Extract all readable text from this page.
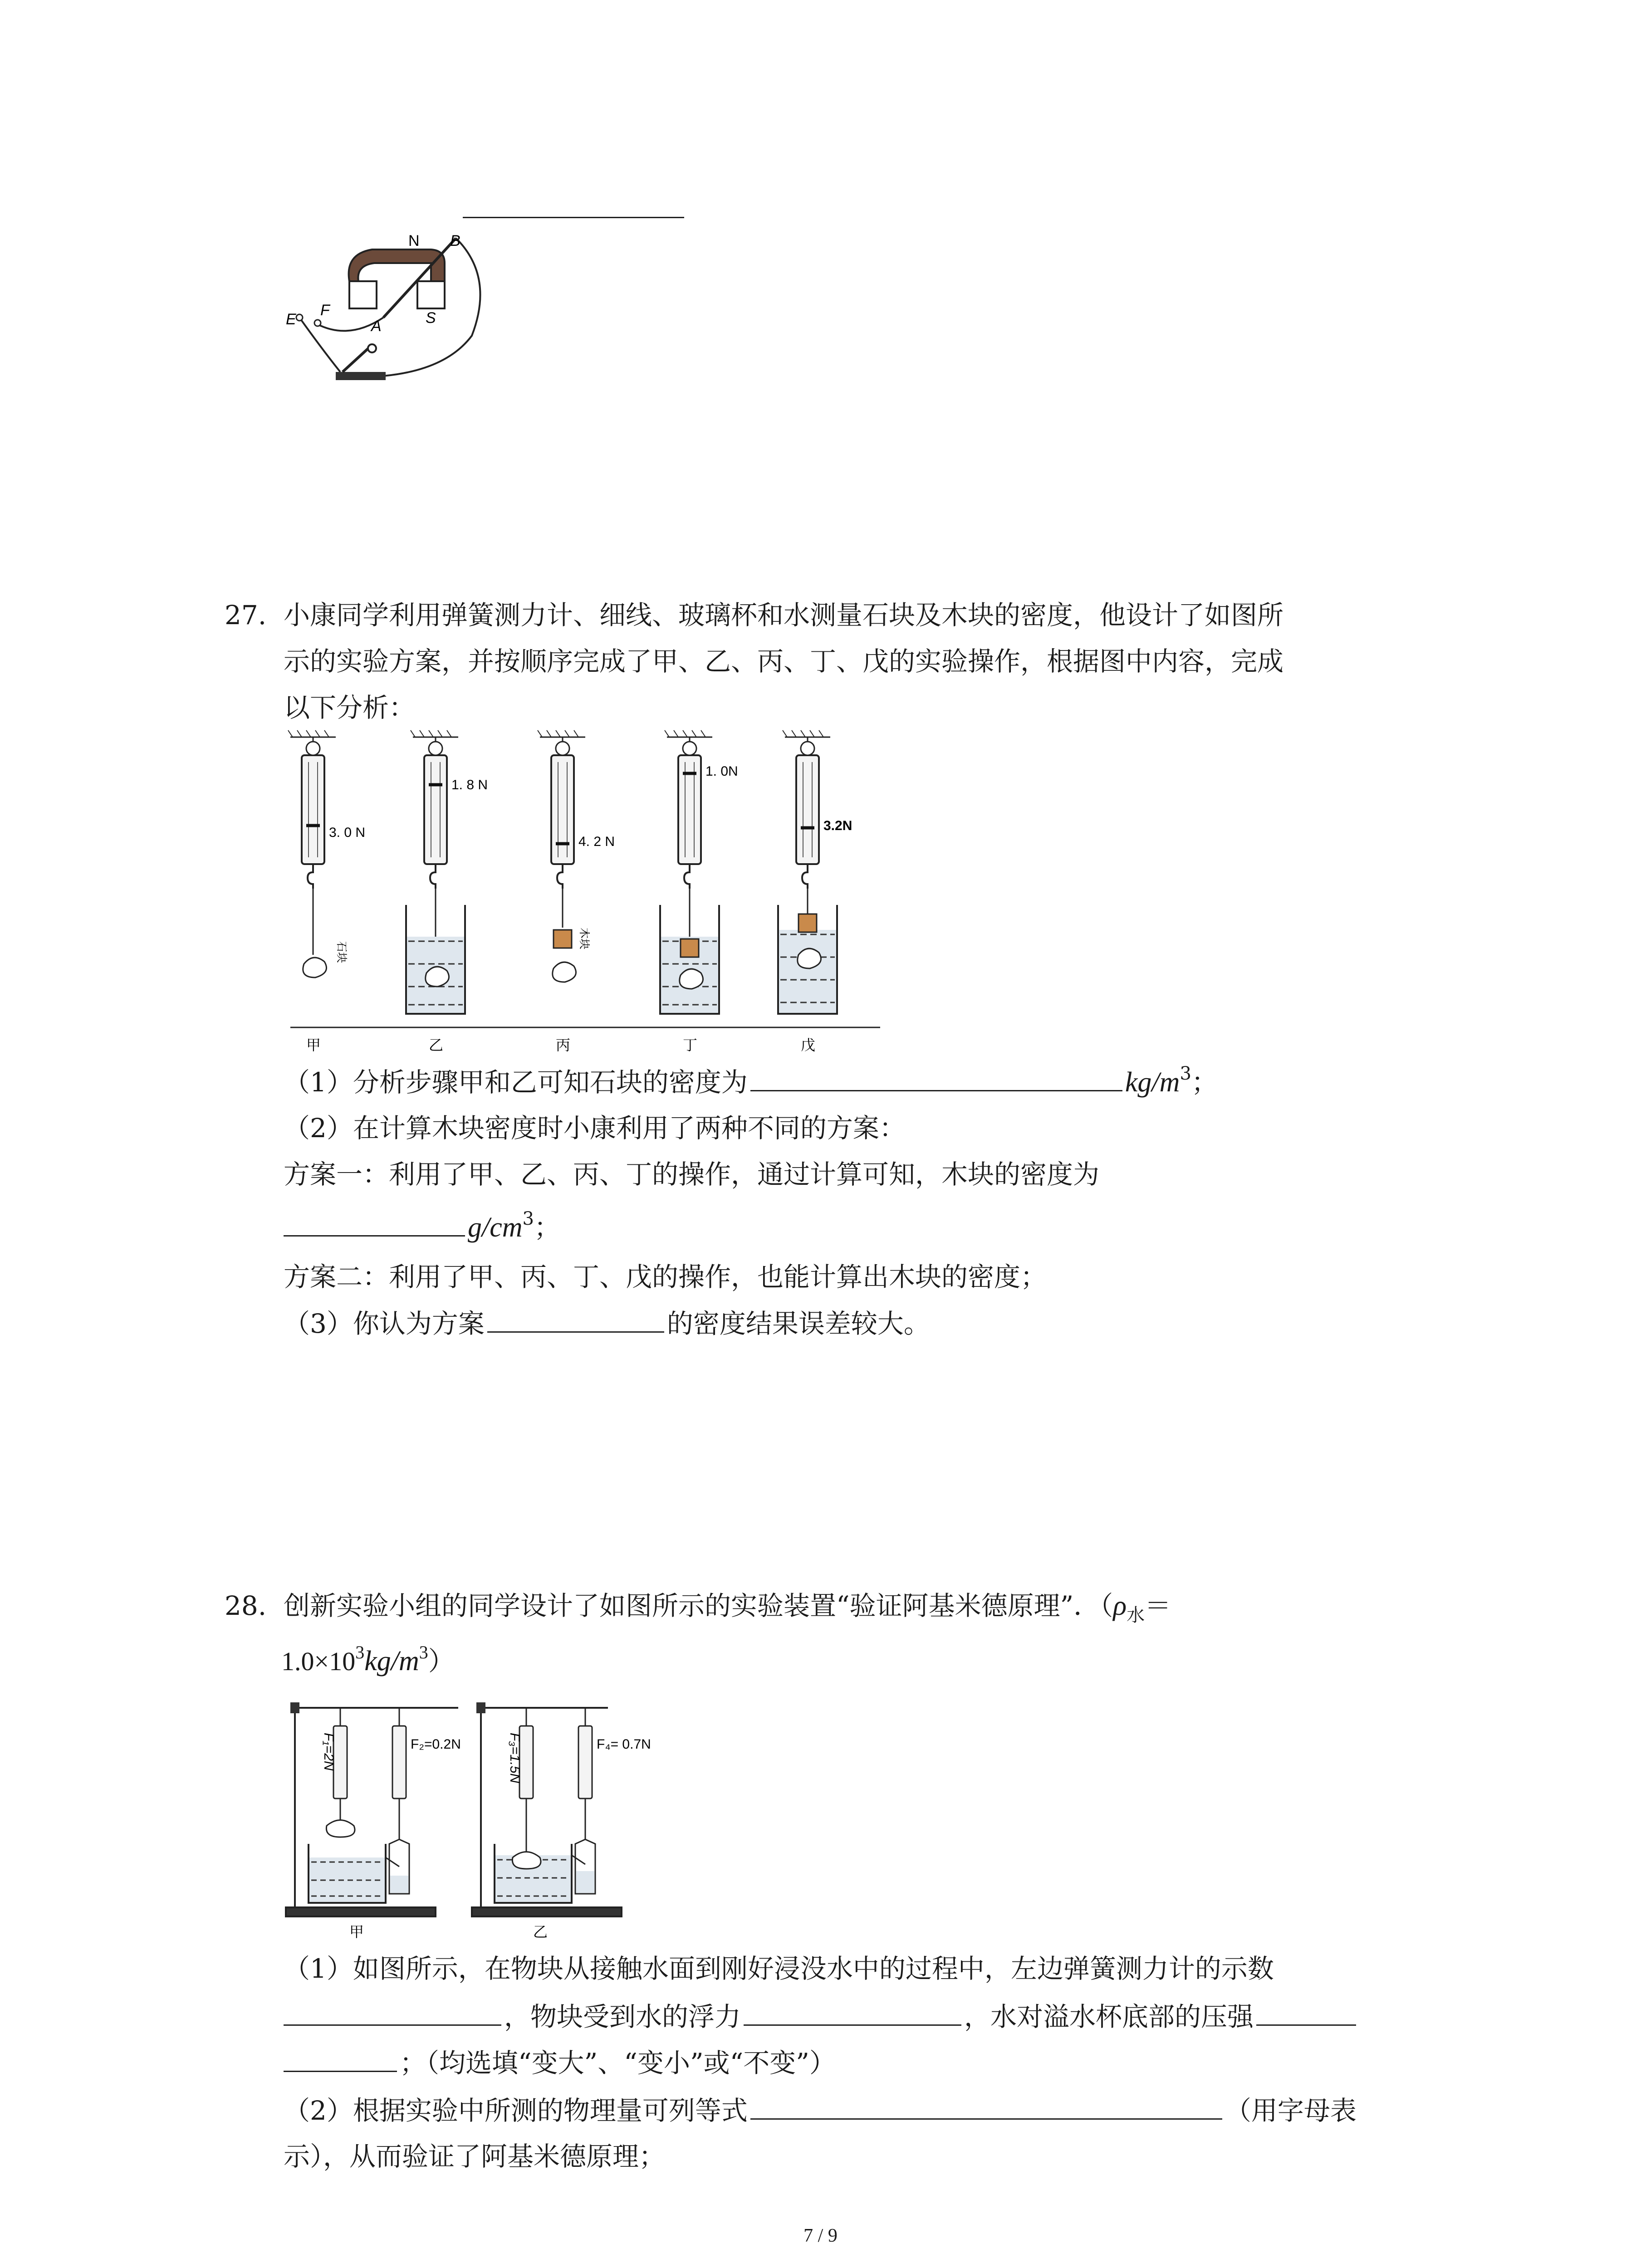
N B
E
F
A	S
27. 小康同学利用弹簧测力计、细线、玻璃杯和水测量石块及木块的密度，他设计了如图所
示的实验方案，并按顺序完成了甲、乙、丙、丁、戊的实验操作，根据图中内容，完成
以下分析：
3. 0 N
1. 8 N
4. 2 N
1. 0N
3.2N
石块
木块
甲	乙	丙	丁	戊
（1）分析步骤甲和乙可知石块的密度为	$kg/m^3$；
（2）在计算木块密度时小康利用了两种不同的方案：
方案一：利用了甲、乙、丙、丁的操作，通过计算可知，木块的密度为
$g/cm^3$；
方案二：利用了甲、丙、丁、戊的操作，也能计算出木块的密度；
（3）你认为方案	的密度结果误差较大。
28. 创新实验小组的同学设计了如图所示的实验装置“验证阿基米德原理”．（$\rho_水=$
$1.0\times 10^3kg/m^3$）
F₁=2N	F₂=0.2N	F₃=1.5N	F₄= 0.7N
甲	乙
（1）如图所示，在物块从接触水面到刚好浸没水中的过程中，左边弹簧测力计的示数
，物块受到水的浮力	，水对溢水杯底部的压强
；（均选填“变大”、“变小”或“不变”）
（2）根据实验中所测的物理量可列等式	（用字母表
示），从而验证了阿基米德原理；
7 / 9
